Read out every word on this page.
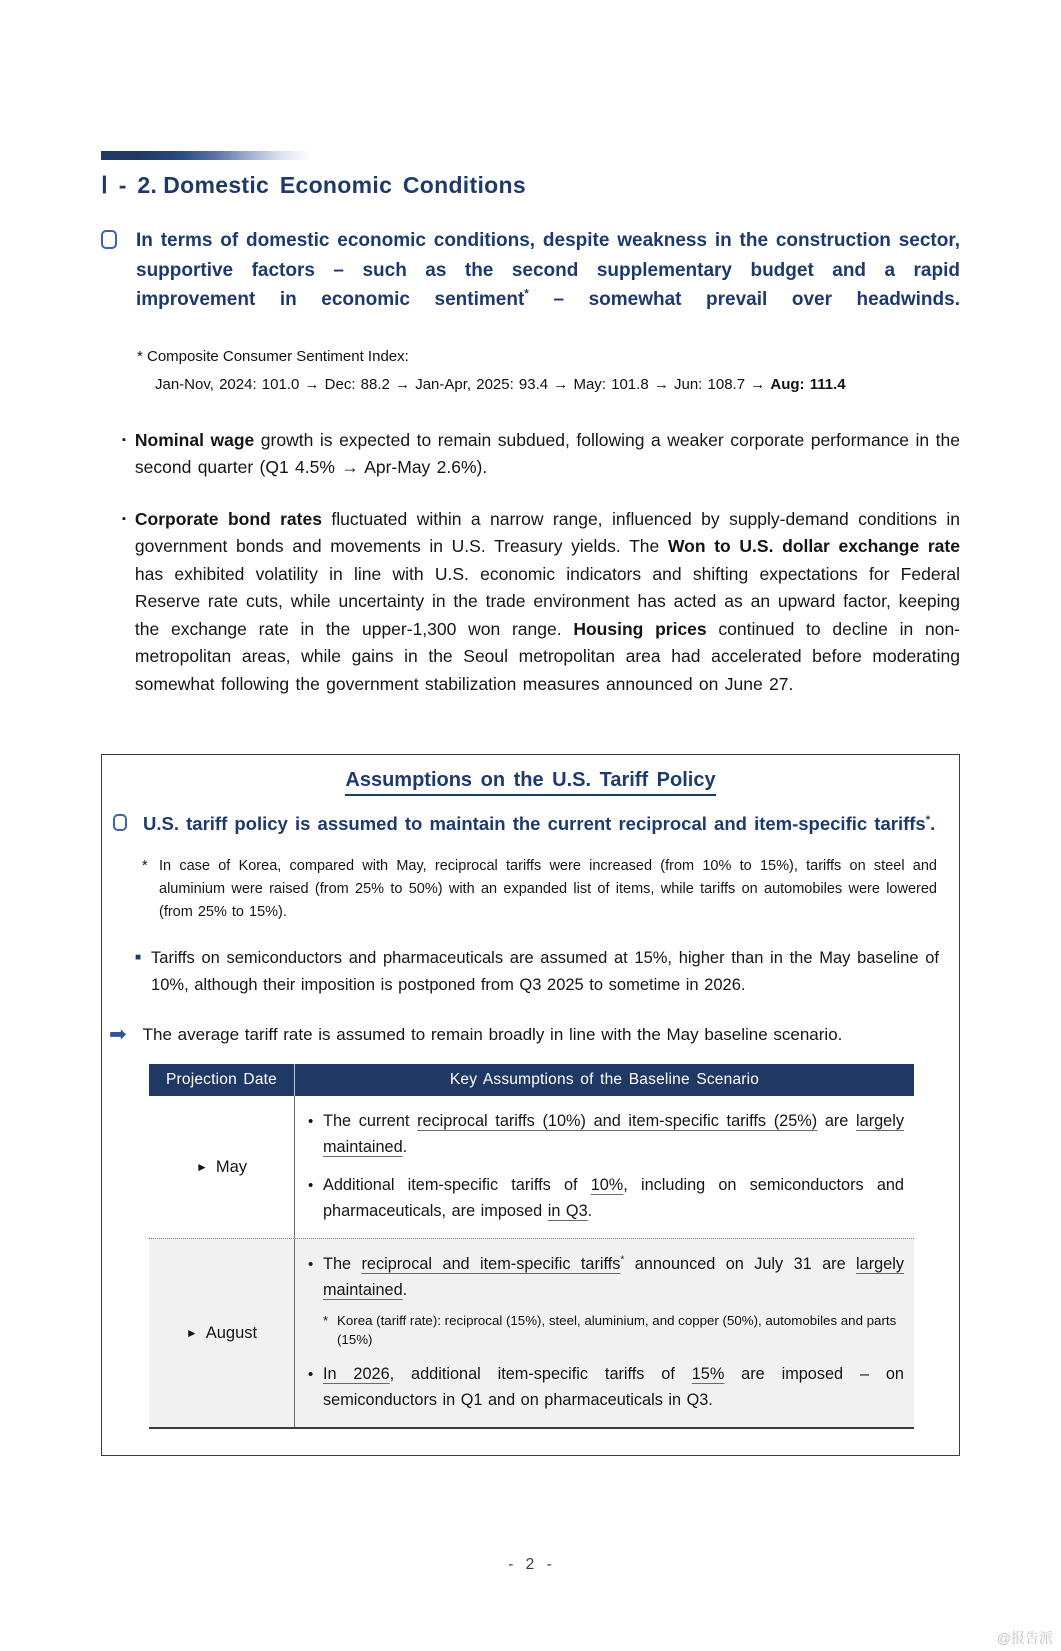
Ⅰ - 2. Domestic Economic Conditions
In terms of domestic economic conditions, despite weakness in the construction sector, supportive factors – such as the second supplementary budget and a rapid improvement in economic sentiment* – somewhat prevail over headwinds.
* Composite Consumer Sentiment Index:
Jan-Nov, 2024: 101.0 → Dec: 88.2 → Jan-Apr, 2025: 93.4 → May: 101.8 → Jun: 108.7 → Aug: 111.4
▪ Nominal wage growth is expected to remain subdued, following a weaker corporate performance in the second quarter (Q1 4.5% → Apr-May 2.6%).
▪ Corporate bond rates fluctuated within a narrow range, influenced by supply-demand conditions in government bonds and movements in U.S. Treasury yields. The Won to U.S. dollar exchange rate has exhibited volatility in line with U.S. economic indicators and shifting expectations for Federal Reserve rate cuts, while uncertainty in the trade environment has acted as an upward factor, keeping the exchange rate in the upper-1,300 won range. Housing prices continued to decline in non-metropolitan areas, while gains in the Seoul metropolitan area had accelerated before moderating somewhat following the government stabilization measures announced on June 27.
Assumptions on the U.S. Tariff Policy
U.S. tariff policy is assumed to maintain the current reciprocal and item-specific tariffs*.
* In case of Korea, compared with May, reciprocal tariffs were increased (from 10% to 15%), tariffs on steel and aluminium were raised (from 25% to 50%) with an expanded list of items, while tariffs on automobiles were lowered (from 25% to 15%).
■ Tariffs on semiconductors and pharmaceuticals are assumed at 15%, higher than in the May baseline of 10%, although their imposition is postponed from Q3 2025 to sometime in 2026.
➡ The average tariff rate is assumed to remain broadly in line with the May baseline scenario.
Projection Date	Key Assumptions of the Baseline Scenario
► May
• The current reciprocal tariffs (10%) and item-specific tariffs (25%) are largely maintained.
• Additional item-specific tariffs of 10%, including on semiconductors and pharmaceuticals, are imposed in Q3.
► August
• The reciprocal and item-specific tariffs* announced on July 31 are largely maintained.
* Korea (tariff rate): reciprocal (15%), steel, aluminium, and copper (50%), automobiles and parts (15%)
• In 2026, additional item-specific tariffs of 15% are imposed – on semiconductors in Q1 and on pharmaceuticals in Q3.
- 2 -
@报告派
